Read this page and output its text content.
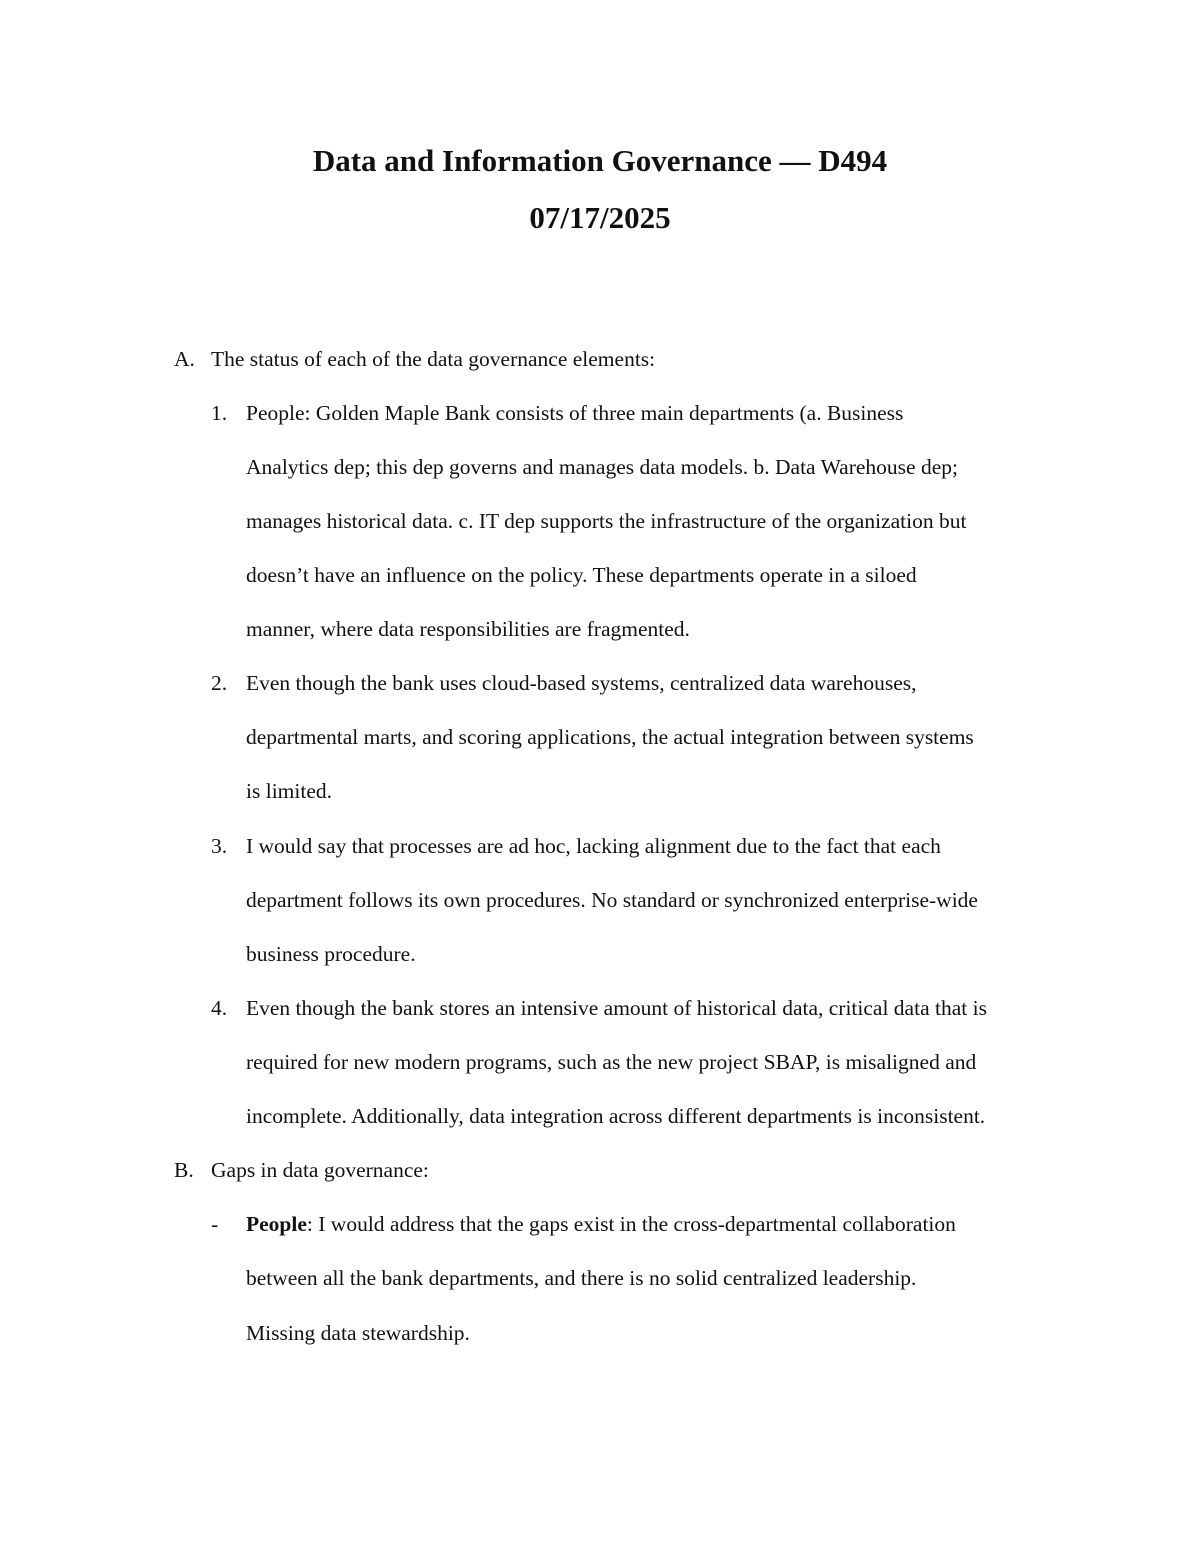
Data and Information Governance — D494
07/17/2025
A. The status of each of the data governance elements:
1. People: Golden Maple Bank consists of three main departments (a. Business
Analytics dep; this dep governs and manages data models. b. Data Warehouse dep;
manages historical data. c. IT dep supports the infrastructure of the organization but
doesn’t have an influence on the policy. These departments operate in a siloed
manner, where data responsibilities are fragmented.
2. Even though the bank uses cloud-based systems, centralized data warehouses,
departmental marts, and scoring applications, the actual integration between systems
is limited.
3. I would say that processes are ad hoc, lacking alignment due to the fact that each
department follows its own procedures. No standard or synchronized enterprise-wide
business procedure.
4. Even though the bank stores an intensive amount of historical data, critical data that is
required for new modern programs, such as the new project SBAP, is misaligned and
incomplete. Additionally, data integration across different departments is inconsistent.
B. Gaps in data governance:
- People: I would address that the gaps exist in the cross-departmental collaboration
between all the bank departments, and there is no solid centralized leadership.
Missing data stewardship.
